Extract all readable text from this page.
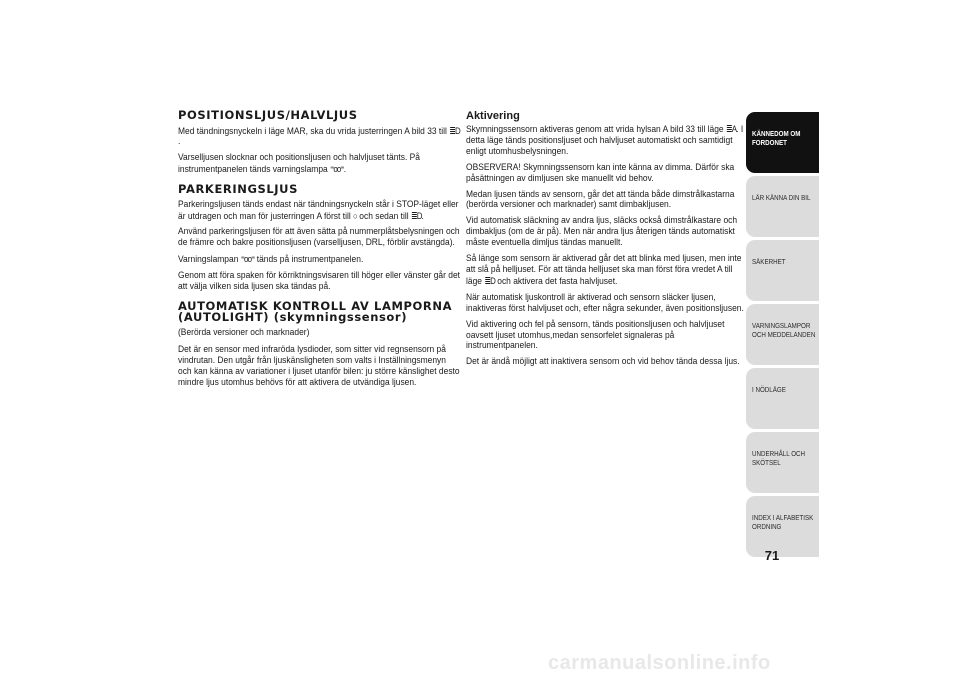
POSITIONSLJUS/HALVLJUS

Med tändningsnyckeln i läge MAR, ska du vrida justerringen A bild 33 till ≣D.

Varselljusen slocknar och positionsljusen och halvljuset tänts. På instrumentpanelen tänds varningslampa ⁼oo⁼.

PARKERINGSLJUS

Parkeringsljusen tänds endast när tändningsnyckeln står i STOP-läget eller är utdragen och man för justerringen A först till ○ och sedan till ≣D.

Använd parkeringsljusen för att även sätta på nummerplåtsbelysningen och de främre och bakre positionsljusen (varselljusen, DRL, förblir avstängda).

Varningslampan ⁼oo⁼ tänds på instrumentpanelen.

Genom att föra spaken för körriktningsvisaren till höger eller vänster går det att välja vilken sida ljusen ska tändas på.

AUTOMATISK KONTROLL AV LAMPORNA (AUTOLIGHT) (skymningssensor)

(Berörda versioner och marknader)

Det är en sensor med infraröda lysdioder, som sitter vid regnsensorn på vindrutan. Den utgår från ljuskänsligheten som valts i Inställningsmenyn och kan känna av variationer i ljuset utanför bilen: ju större känslighet desto mindre ljus utomhus behövs för att aktivera de utvändiga ljusen.

Aktivering

Skymningssensorn aktiveras genom att vrida hylsan A bild 33 till läge ≣A. I detta läge tänds positionsljuset och halvljuset automatiskt och samtidigt enligt utomhusbelysningen.

OBSERVERA! Skymningssensorn kan inte känna av dimma. Därför ska påsättningen av dimljusen ske manuellt vid behov.

Medan ljusen tänds av sensorn, går det att tända både dimstrålkastarna (berörda versioner och marknader) samt dimbakljusen.

Vid automatisk släckning av andra ljus, släcks också dimstrålkastare och dimbakljus (om de är på). Men när andra ljus återigen tänds automatiskt måste eventuella dimljus tändas manuellt.

Så länge som sensorn är aktiverad går det att blinka med ljusen, men inte att slå på helljuset. För att tända helljuset ska man först föra vredet A till läge ≣D och aktivera det fasta halvljuset.

När automatisk ljuskontroll är aktiverad och sensorn släcker ljusen, inaktiveras först halvljuset och, efter några sekunder, även positionsljusen.

Vid aktivering och fel på sensorn, tänds positionsljusen och halvljuset oavsett ljuset utomhus,medan sensorfelet signaleras på instrumentpanelen.

Det är ändå möjligt att inaktivera sensorn och vid behov tända dessa ljus.

KÄNNEDOM OM FORDONET
LÄR KÄNNA DIN BIL
SÄKERHET
VARNINGSLAMPOR OCH MEDDELANDEN
I NÖDLÄGE
UNDERHÅLL OCH SKÖTSEL
INDEX I ALFABETISK ORDNING
71
carmanualsonline.info
